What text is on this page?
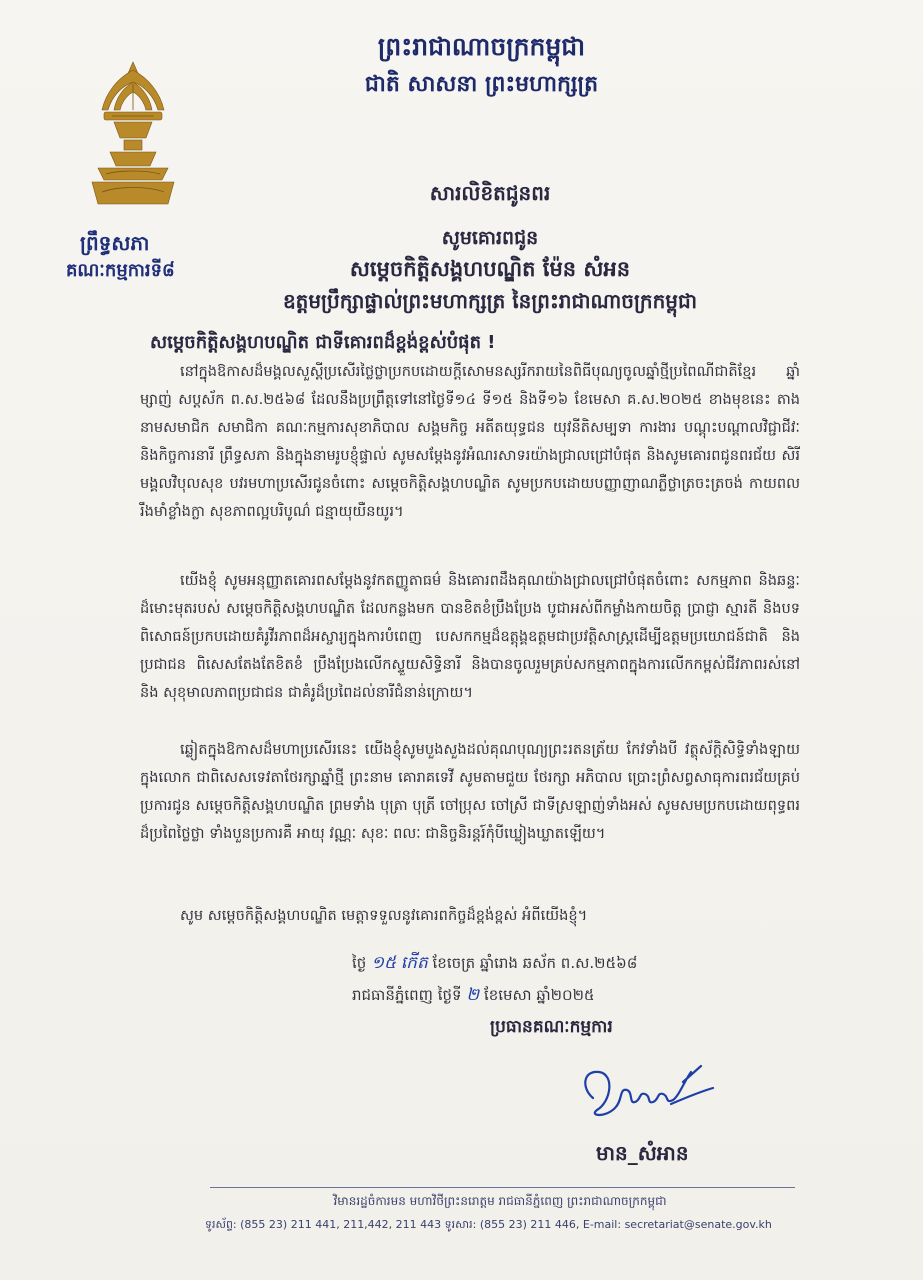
ព្រះរាជាណាចក្រកម្ពុជា
ជាតិ សាសនា ព្រះមហាក្សត្រ
ព្រឹទ្ធសភា
គណៈកម្មការទី៨
សារលិខិតជូនពរ
សូមគោរពជូន
សម្តេចកិត្តិសង្គហបណ្ឌិត ម៉ែន សំអន
ឧត្តមប្រឹក្សាផ្ទាល់ព្រះមហាក្សត្រ នៃព្រះរាជាណាចក្រកម្ពុជា
សម្តេចកិត្តិសង្គហបណ្ឌិត ជាទីគោរពដ៏ខ្ពង់ខ្ពស់បំផុត !
នៅក្នុងឱកាសដ៏មង្គលសួស្តីប្រសើរថ្លៃថ្លាប្រកបដោយក្តីសោមនស្សរីករាយនៃពិធីបុណ្យចូលឆ្នាំថ្មីប្រពៃណីជាតិខ្មែរ ឆ្នាំម្សាញ់ សប្តស័ក ព.ស.២៥៦៨ ដែលនឹងប្រព្រឹត្តទៅនៅថ្ងៃទី១៤ ទី១៥ និងទី១៦ ខែមេសា គ.ស.២០២៥ ខាងមុខនេះ តាងនាមសមាជិក សមាជិកា គណៈកម្មការសុខាភិបាល សង្គមកិច្ច អតីតយុទ្ធជន យុវនីតិសម្បទា ការងារ បណ្តុះបណ្តាលវិជ្ជាជីវៈ និងកិច្ចការនារី ព្រឹទ្ធសភា និងក្នុងនាមរូបខ្ញុំផ្ទាល់ សូមសម្តែងនូវអំណរសាទរយ៉ាងជ្រាលជ្រៅបំផុត និងសូមគោរពជូនពរជ័យ សិរីមង្គលវិបុលសុខ បវរមហាប្រសើរជូនចំពោះ សម្តេចកិត្តិសង្គហបណ្ឌិត សូមប្រកបដោយបញ្ញាញាណភ្លឺថ្លាត្រចះត្រចង់ កាយពលរឹងមាំខ្លាំងក្លា សុខភាពល្អបរិបូណ៌ ជន្មាយុយឺនយូរ។
យើងខ្ញុំ សូមអនុញ្ញាតគោរពសម្តែងនូវកតញ្ញូតាធម៌ និងគោរពដឹងគុណយ៉ាងជ្រាលជ្រៅបំផុតចំពោះ សកម្មភាព និងឆន្ទៈដ៏មោះមុតរបស់ សម្តេចកិត្តិសង្គហបណ្ឌិត ដែលកន្លងមក បានខិតខំប្រឹងប្រែង បូជាអស់ពីកម្លាំងកាយចិត្ត ប្រាជ្ញា ស្មារតី និងបទពិសោធន៍ប្រកបដោយគំរូវីរភាពដ៏អស្ចារ្យក្នុងការបំពេញ បេសកកម្មដ៏ឧត្តុង្គឧត្តមជាប្រវត្តិសាស្ត្រដើម្បីឧត្តមប្រយោជន៍ជាតិ និងប្រជាជន ពិសេសតែងតែខិតខំ ប្រឹងប្រែងលើកស្ទួយសិទ្ធិនារី និងបានចូលរួមគ្រប់សកម្មភាពក្នុងការលើកកម្ពស់ជីវភាពរស់នៅ និង សុខុមាលភាពប្រជាជន ជាគំរូដ៏ប្រពៃដល់នារីជំនាន់ក្រោយ។
ឆ្លៀតក្នុងឱកាសដ៏មហាប្រសើរនេះ យើងខ្ញុំសូមបួងសួងដល់គុណបុណ្យព្រះរតនត្រ័យ កែវទាំងបី វត្ថុស័ក្តិសិទ្ធិទាំងឡាយក្នុងលោក ជាពិសេសទេវតាថែរក្សាឆ្នាំថ្មី ព្រះនាម គោរាគទេវី សូមតាមជួយ ថែរក្សា អភិបាល ប្រោះព្រំសព្វសាធុការពរជ័យគ្រប់ប្រការជូន សម្តេចកិត្តិសង្គហបណ្ឌិត ព្រមទាំង បុត្រា បុត្រី ចៅប្រុស ចៅស្រី ជាទីស្រឡាញ់ទាំងអស់ សូមសមប្រកបដោយពុទ្ធពរដ៏ប្រពៃថ្លៃថ្លា ទាំងបួនប្រការគឺ អាយុ វណ្ណៈ សុខៈ ពលៈ ជានិច្ចនិរន្តរ៍កុំបីឃ្លៀងឃ្លាតឡើយ។
សូម សម្តេចកិត្តិសង្គហបណ្ឌិត មេត្តាទទួលនូវគោរពកិច្ចដ៏ខ្ពង់ខ្ពស់ អំពីយើងខ្ញុំ។
ថ្ងៃ ១៥ កើត ខែចេត្រ ឆ្នាំរោង ឆស័ក ព.ស.២៥៦៨
រាជធានីភ្នំពេញ ថ្ងៃទី ២ ខែមេសា ឆ្នាំ២០២៥
ប្រធានគណៈកម្មការ
មាន_សំអាន
វិមានរដ្ឋចំការមន មហាវិថីព្រះនរោត្តម រាជធានីភ្នំពេញ ព្រះរាជាណាចក្រកម្ពុជា
ទូរស័ព្ទ: (855 23) 211 441, 211,442, 211 443 ទូរសារ: (855 23) 211 446, E-mail: secretariat@senate.gov.kh
